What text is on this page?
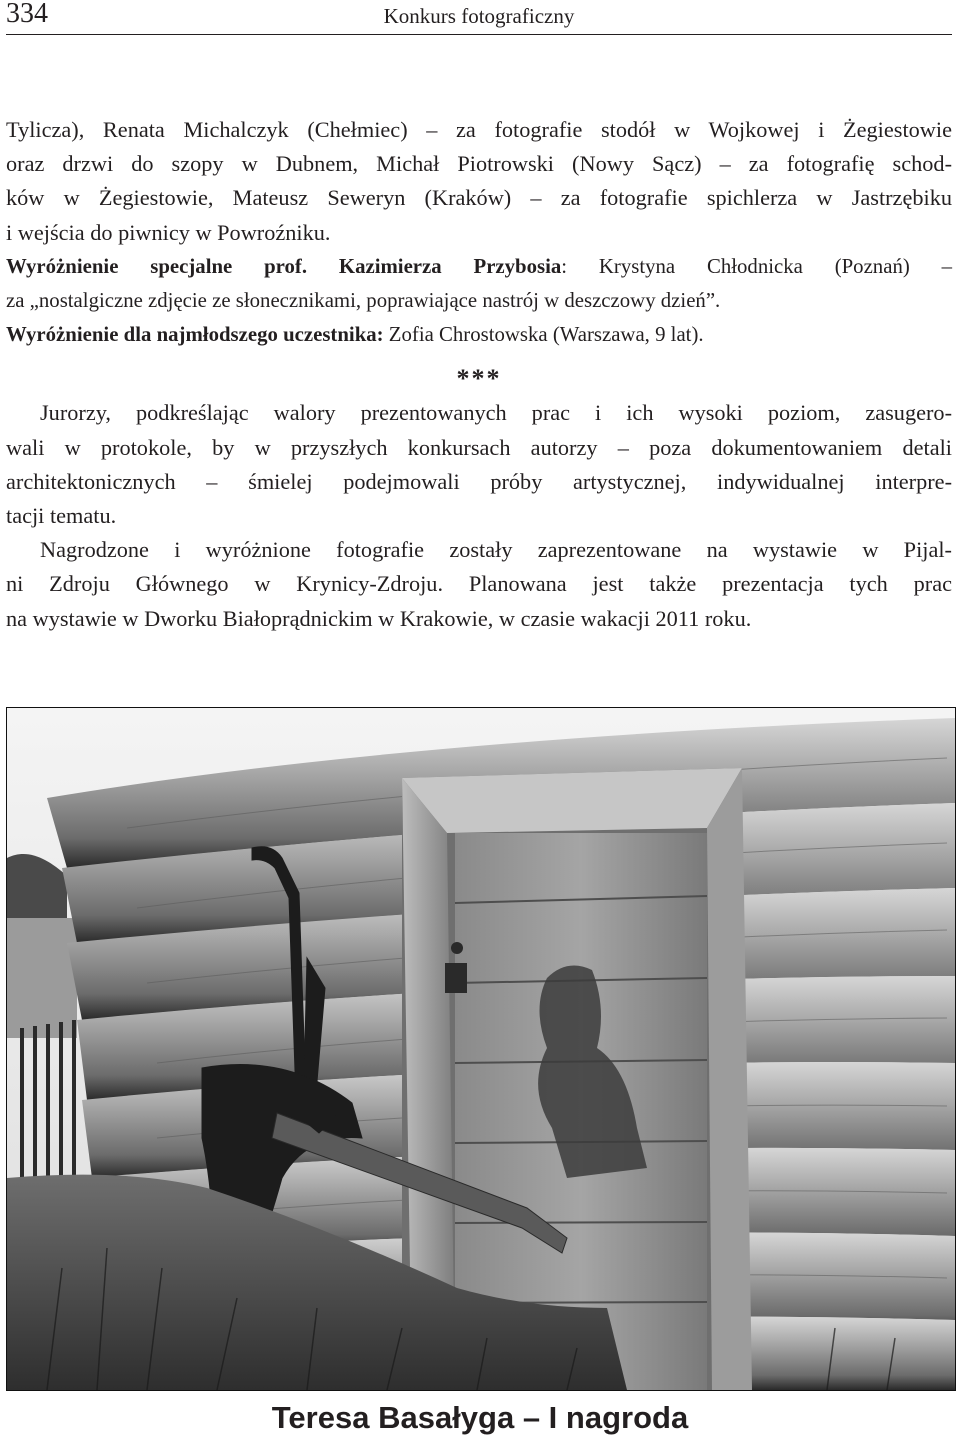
334	Konkurs fotograficzny
Tylicza), Renata Michalczyk (Chełmiec) – za fotografie stodół w Wojkowej i Żegiestowie
oraz drzwi do szopy w Dubnem, Michał Piotrowski (Nowy Sącz) – za fotografię schod-
ków w Żegiestowie, Mateusz Seweryn (Kraków) – za fotografie spichlerza w Jastrzębiku
i wejścia do piwnicy w Powroźniku.
Wyróżnienie specjalne prof. Kazimierza Przybosia: Krystyna Chłodnicka (Poznań) –
za „nostalgiczne zdjęcie ze słonecznikami, poprawiające nastrój w deszczowy dzień”.
Wyróżnienie dla najmłodszego uczestnika: Zofia Chrostowska (Warszawa, 9 lat).
***
Jurorzy, podkreślając walory prezentowanych prac i ich wysoki poziom, zasugero-
wali w protokole, by w przyszłych konkursach autorzy – poza dokumentowaniem detali
architektonicznych – śmielej podejmowali próby artystycznej, indywidualnej interpre-
tacji tematu.
Nagrodzone i wyróżnione fotografie zostały zaprezentowane na wystawie w Pijal-
ni Zdroju Głównego w Krynicy-Zdroju. Planowana jest także prezentacja tych prac
na wystawie w Dworku Białoprądnickim w Krakowie, w czasie wakacji 2011 roku.
Teresa Basałyga – I nagroda
